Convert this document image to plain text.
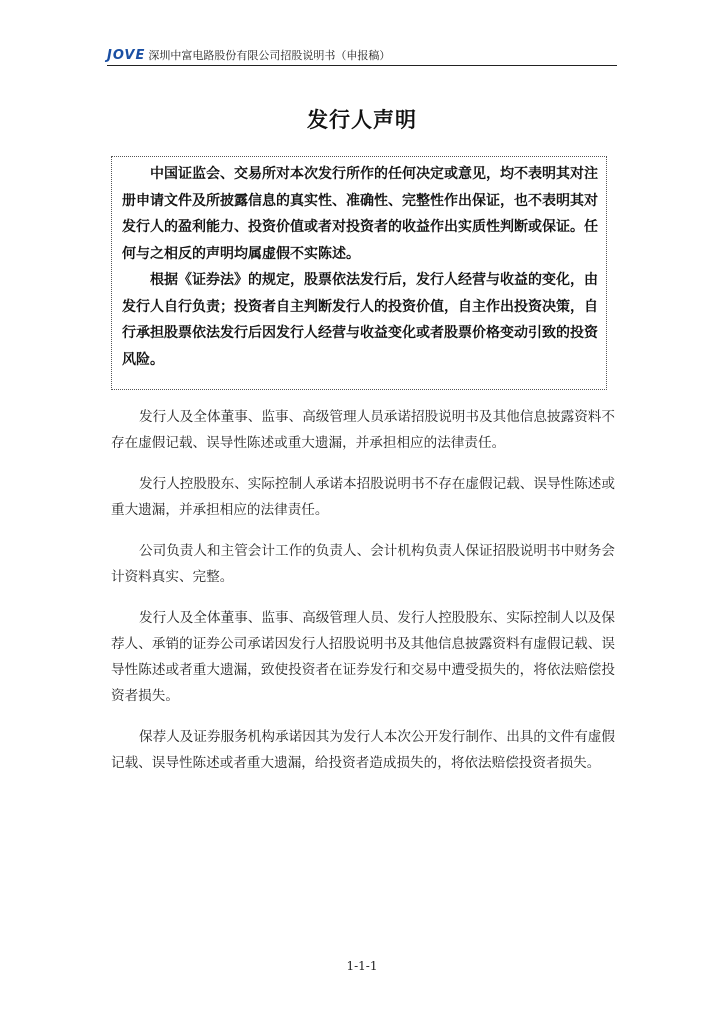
JOVE 深圳中富电路股份有限公司招股说明书（申报稿）
发行人声明

中国证监会、交易所对本次发行所作的任何决定或意见，均不表明其对注册申请文件及所披露信息的真实性、准确性、完整性作出保证，也不表明其对发行人的盈利能力、投资价值或者对投资者的收益作出实质性判断或保证。任何与之相反的声明均属虚假不实陈述。

根据《证券法》的规定，股票依法发行后，发行人经营与收益的变化，由发行人自行负责；投资者自主判断发行人的投资价值，自主作出投资决策，自行承担股票依法发行后因发行人经营与收益变化或者股票价格变动引致的投资风险。

发行人及全体董事、监事、高级管理人员承诺招股说明书及其他信息披露资料不存在虚假记载、误导性陈述或重大遗漏，并承担相应的法律责任。

发行人控股股东、实际控制人承诺本招股说明书不存在虚假记载、误导性陈述或重大遗漏，并承担相应的法律责任。

公司负责人和主管会计工作的负责人、会计机构负责人保证招股说明书中财务会计资料真实、完整。

发行人及全体董事、监事、高级管理人员、发行人控股股东、实际控制人以及保荐人、承销的证券公司承诺因发行人招股说明书及其他信息披露资料有虚假记载、误导性陈述或者重大遗漏，致使投资者在证券发行和交易中遭受损失的，将依法赔偿投资者损失。

保荐人及证券服务机构承诺因其为发行人本次公开发行制作、出具的文件有虚假记载、误导性陈述或者重大遗漏，给投资者造成损失的，将依法赔偿投资者损失。

1-1-1
